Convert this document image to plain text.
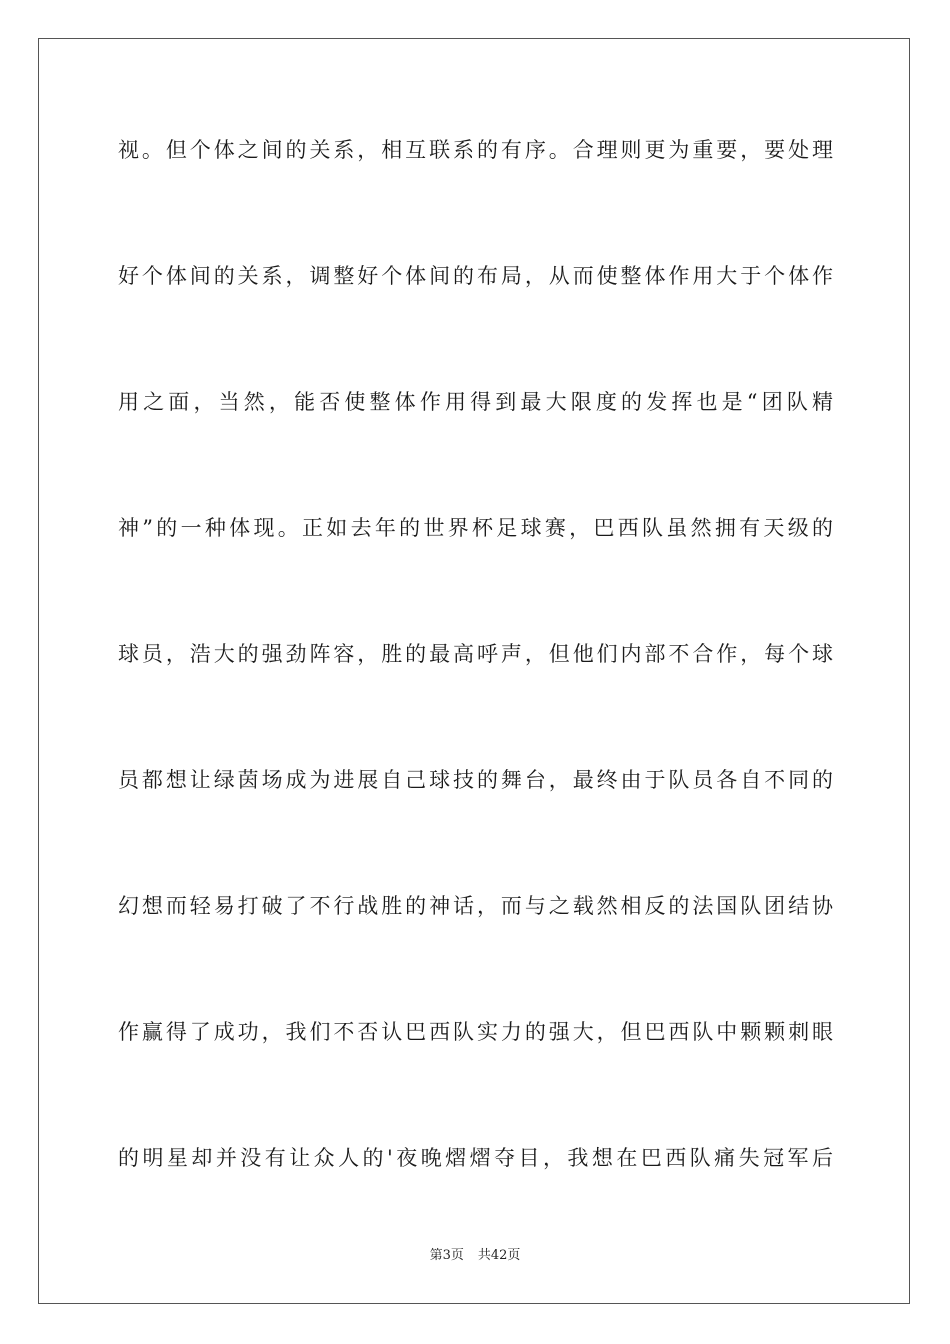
视。但个体之间的关系，相互联系的有序。合理则更为重要，要处理
好个体间的关系，调整好个体间的布局，从而使整体作用大于个体作
用之面，当然，能否使整体作用得到最大限度的发挥也是“团队精
神”的一种体现。正如去年的世界杯足球赛，巴西队虽然拥有天级的
球员，浩大的强劲阵容，胜的最高呼声，但他们内部不合作，每个球
员都想让绿茵场成为进展自己球技的舞台，最终由于队员各自不同的
幻想而轻易打破了不行战胜的神话，而与之载然相反的法国队团结协
作赢得了成功，我们不否认巴西队实力的强大，但巴西队中颗颗刺眼
的明星却并没有让众人的'夜晚熠熠夺目，我想在巴西队痛失冠军后
第3页 共42页
